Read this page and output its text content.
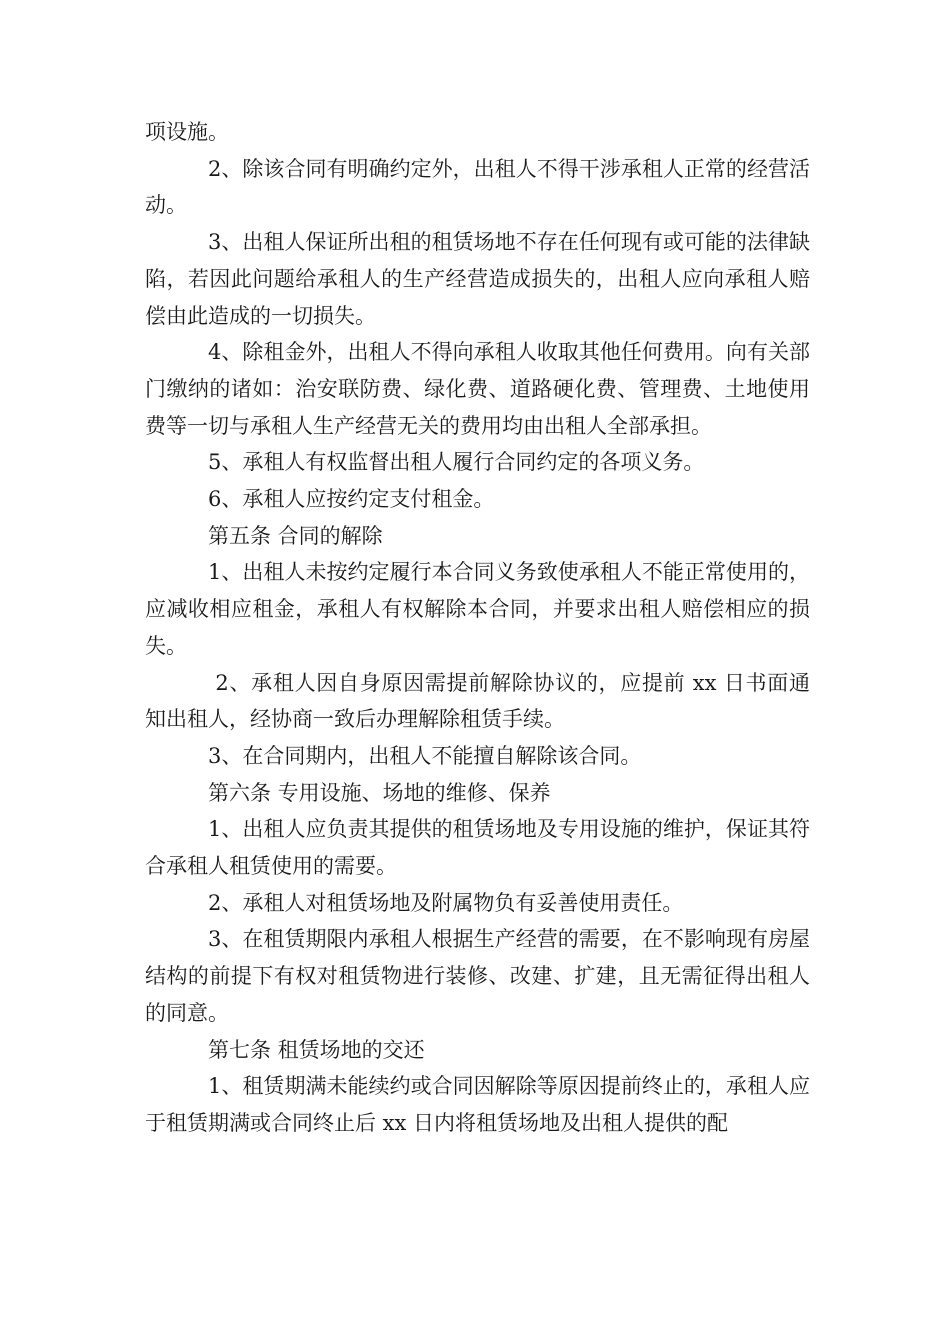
项设施。

2、除该合同有明确约定外，出租人不得干涉承租人正常的经营活动。

3、出租人保证所出租的租赁场地不存在任何现有或可能的法律缺陷，若因此问题给承租人的生产经营造成损失的，出租人应向承租人赔偿由此造成的一切损失。

4、除租金外，出租人不得向承租人收取其他任何费用。向有关部门缴纳的诸如：治安联防费、绿化费、道路硬化费、管理费、土地使用费等一切与承租人生产经营无关的费用均由出租人全部承担。

5、承租人有权监督出租人履行合同约定的各项义务。

6、承租人应按约定支付租金。

第五条 合同的解除

1、出租人未按约定履行本合同义务致使承租人不能正常使用的，应减收相应租金，承租人有权解除本合同，并要求出租人赔偿相应的损失。

2、承租人因自身原因需提前解除协议的，应提前 xx 日书面通知出租人，经协商一致后办理解除租赁手续。

3、在合同期内，出租人不能擅自解除该合同。

第六条 专用设施、场地的维修、保养

1、出租人应负责其提供的租赁场地及专用设施的维护，保证其符合承租人租赁使用的需要。

2、承租人对租赁场地及附属物负有妥善使用责任。

3、在租赁期限内承租人根据生产经营的需要，在不影响现有房屋结构的前提下有权对租赁物进行装修、改建、扩建，且无需征得出租人的同意。

第七条 租赁场地的交还

1、租赁期满未能续约或合同因解除等原因提前终止的，承租人应于租赁期满或合同终止后 xx 日内将租赁场地及出租人提供的配
